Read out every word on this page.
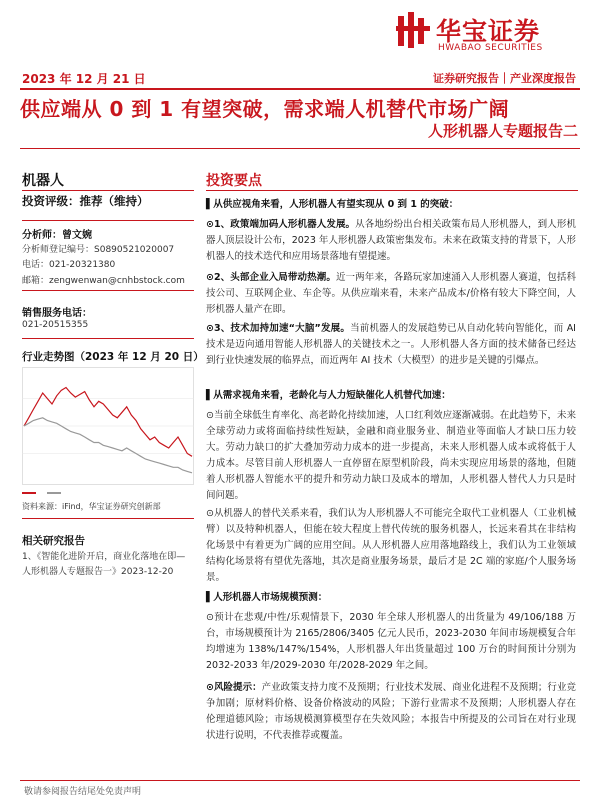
华宝证券
HWABAO SECURITIES
2023 年 12 月 21 日	证券研究报告｜产业深度报告
供应端从 0 到 1 有望突破，需求端人机替代市场广阔
人形机器人专题报告二
机器人
投资评级：推荐（维持）
分析师：曾文婉
分析师登记编号：S0890521020007
电话：021-20321380
邮箱：zengwenwan@cnhbstock.com
销售服务电话：
021-20515355
行业走势图（2023 年 12 月 20 日）

资料来源：iFind，华宝证券研究创新部
相关研究报告
1、《智能化进阶开启，商业化落地在即—人形机器人专题报告一》2023-12-20
投资要点
▌从供应视角来看，人形机器人有望实现从 0 到 1 的突破：
⊙1、政策端加码人形机器人发展。从各地纷纷出台相关政策布局人形机器人，到人形机器人顶层设计公布，2023 年人形机器人政策密集发布。未来在政策支持的背景下，人形机器人的技术迭代和应用场景落地有望提速。
⊙2、头部企业入局带动热潮。近一两年来，各路玩家加速涌入人形机器人赛道，包括科技公司、互联网企业、车企等。从供应端来看，未来产品成本/价格有较大下降空间，人形机器人量产在即。
⊙3、技术加持加速“大脑”发展。当前机器人的发展趋势已从自动化转向智能化，而 AI 技术是迈向通用智能人形机器人的关键技术之一。人形机器人各方面的技术储备已经达到行业快速发展的临界点，而近两年 AI 技术（大模型）的进步是关键的引爆点。
▌从需求视角来看，老龄化与人力短缺催化人机替代加速：
⊙当前全球低生育率化、高老龄化持续加速，人口红利效应逐渐减弱。在此趋势下，未来全球劳动力或将面临持续性短缺，金融和商业服务业、制造业等面临人才缺口压力较大。劳动力缺口的扩大叠加劳动力成本的进一步提高，未来人形机器人成本或将低于人力成本。尽管目前人形机器人一直停留在原型机阶段，尚未实现应用场景的落地，但随着人形机器人智能水平的提升和劳动力缺口及成本的增加，人形机器人替代人力只是时间问题。
⊙从机器人的替代关系来看，我们认为人形机器人不可能完全取代工业机器人（工业机械臂）以及特种机器人，但能在较大程度上替代传统的服务机器人，长远来看其在非结构化场景中有着更为广阔的应用空间。从人形机器人应用落地路线上，我们认为工业领域结构化场景将有望优先落地，其次是商业服务场景，最后才是 2C 端的家庭/个人服务场景。
▌人形机器人市场规模预测：
⊙预计在悲观/中性/乐观情景下，2030 年全球人形机器人的出货量为 49/106/188 万台，市场规模预计为 2165/2806/3405 亿元人民币，2023-2030 年间市场规模复合年均增速为 138%/147%/154%，人形机器人年出货量超过 100 万台的时间预计分别为 2032-2033 年/2029-2030 年/2028-2029 年之间。
⊙风险提示：产业政策支持力度不及预期；行业技术发展、商业化进程不及预期；行业竞争加剧；原材料价格、设备价格波动的风险；下游行业需求不及预期；人形机器人存在伦理道德风险；市场规模测算模型存在失效风险；本报告中所提及的公司旨在对行业现状进行说明，不代表推荐或覆盖。
敬请参阅报告结尾处免责声明
